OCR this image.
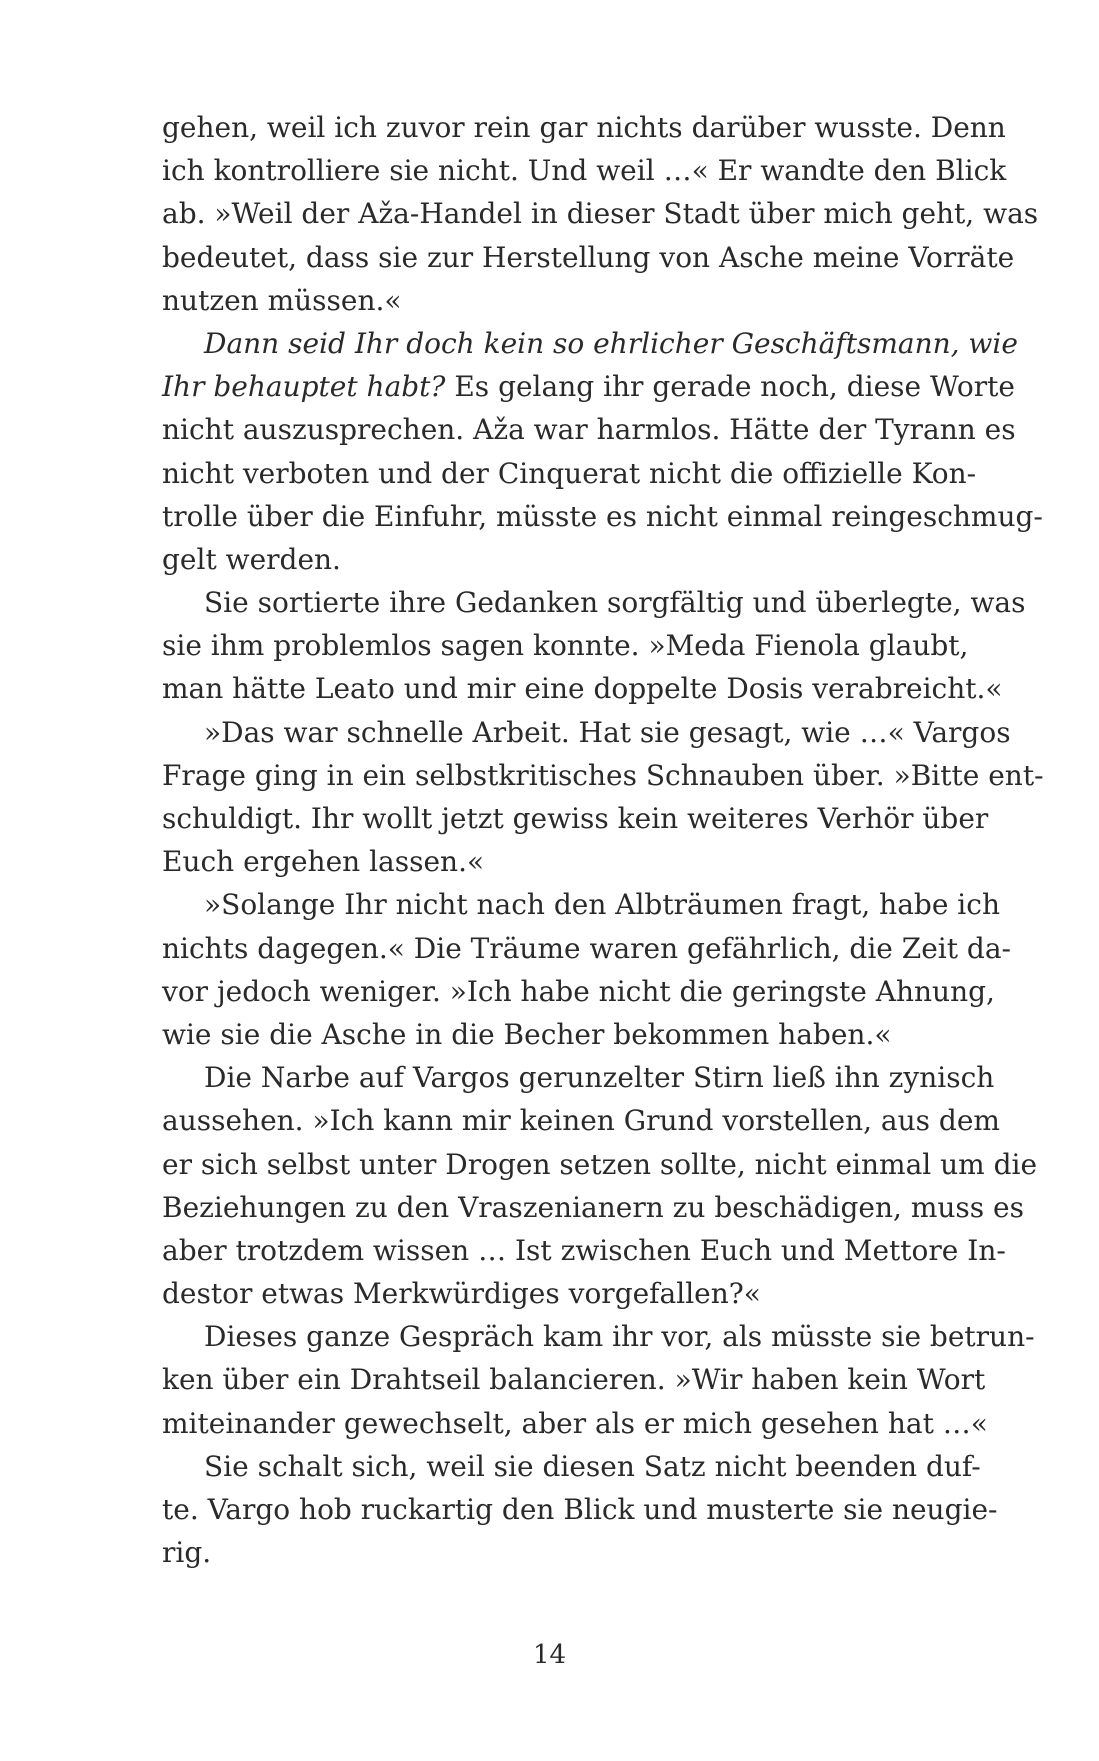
gehen, weil ich zuvor rein gar nichts darüber wusste. Denn
ich kontrolliere sie nicht. Und weil …« Er wandte den Blick
ab. »Weil der Aža-Handel in dieser Stadt über mich geht, was
bedeutet, dass sie zur Herstellung von Asche meine Vorräte
nutzen müssen.«
Dann seid Ihr doch kein so ehrlicher Geschäftsmann, wie
Ihr behauptet habt? Es gelang ihr gerade noch, diese Worte
nicht auszusprechen. Aža war harmlos. Hätte der Tyrann es
nicht verboten und der Cinquerat nicht die offizielle Kon-
trolle über die Einfuhr, müsste es nicht einmal reingeschmug-
gelt werden.
Sie sortierte ihre Gedanken sorgfältig und überlegte, was
sie ihm problemlos sagen konnte. »Meda Fienola glaubt,
man hätte Leato und mir eine doppelte Dosis verabreicht.«
»Das war schnelle Arbeit. Hat sie gesagt, wie …« Vargos
Frage ging in ein selbstkritisches Schnauben über. »Bitte ent-
schuldigt. Ihr wollt jetzt gewiss kein weiteres Verhör über
Euch ergehen lassen.«
»Solange Ihr nicht nach den Albträumen fragt, habe ich
nichts dagegen.« Die Träume waren gefährlich, die Zeit da-
vor jedoch weniger. »Ich habe nicht die geringste Ahnung,
wie sie die Asche in die Becher bekommen haben.«
Die Narbe auf Vargos gerunzelter Stirn ließ ihn zynisch
aussehen. »Ich kann mir keinen Grund vorstellen, aus dem
er sich selbst unter Drogen setzen sollte, nicht einmal um die
Beziehungen zu den Vraszenianern zu beschädigen, muss es
aber trotzdem wissen … Ist zwischen Euch und Mettore In-
destor etwas Merkwürdiges vorgefallen?«
Dieses ganze Gespräch kam ihr vor, als müsste sie betrun-
ken über ein Drahtseil balancieren. »Wir haben kein Wort
miteinander gewechselt, aber als er mich gesehen hat …«
Sie schalt sich, weil sie diesen Satz nicht beenden duf-
te. Vargo hob ruckartig den Blick und musterte sie neugie-
rig.
14
